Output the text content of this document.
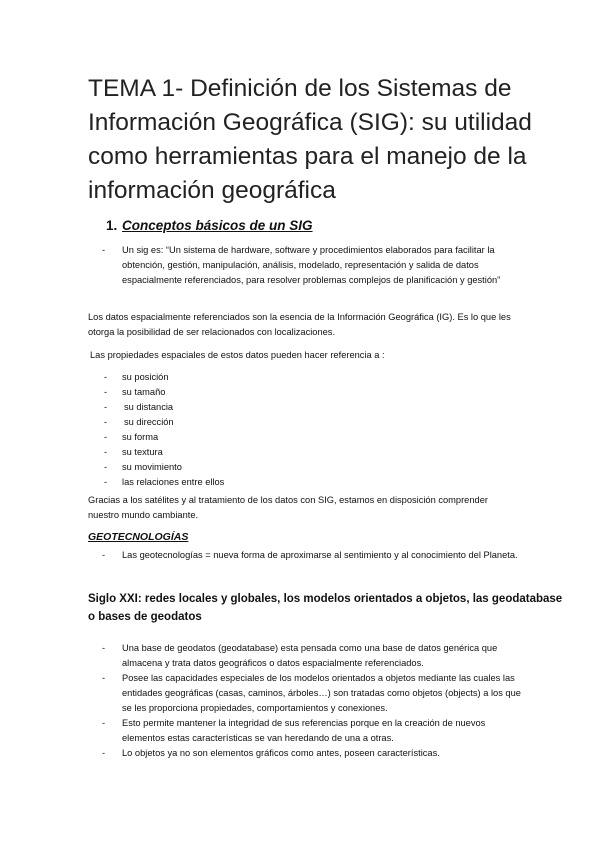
TEMA 1- Definición de los Sistemas de Información Geográfica (SIG): su utilidad como herramientas para el manejo de la información geográfica
1. Conceptos básicos de un SIG
- Un sig es: “Un sistema de hardware, software y procedimientos elaborados para facilitar la obtención, gestión, manipulación, análisis, modelado, representación y salida de datos espacialmente referenciados, para resolver problemas complejos de planificación y gestión”

Los datos espacialmente referenciados son la esencia de la Información Geográfica (IG). Es lo que les otorga la posibilidad de ser relacionados con localizaciones.

Las propiedades espaciales de estos datos pueden hacer referencia a :

- su posición
- su tamaño
- su distancia
- su dirección
- su forma
- su textura
- su movimiento
- las relaciones entre ellos

Gracias a los satélites y al tratamiento de los datos con SIG, estamos en disposición comprender nuestro mundo cambiante.

GEOTECNOLOGÍAS
- Las geotecnologías = nueva forma de aproximarse al sentimiento y al conocimiento del Planeta.
Siglo XXI: redes locales y globales, los modelos orientados a objetos, las geodatabase o bases de geodatos
- Una base de geodatos (geodatabase) esta pensada como una base de datos genérica que almacena y trata datos geográficos o datos espacialmente referenciados.
- Posee las capacidades especiales de los modelos orientados a objetos mediante las cuales las entidades geográficas (casas, caminos, árboles…) son tratadas como objetos (objects) a los que se les proporciona propiedades, comportamientos y conexiones.
- Esto permite mantener la integridad de sus referencias porque en la creación de nuevos elementos estas características se van heredando de una a otras.
- Lo objetos ya no son elementos gráficos como antes, poseen características.
